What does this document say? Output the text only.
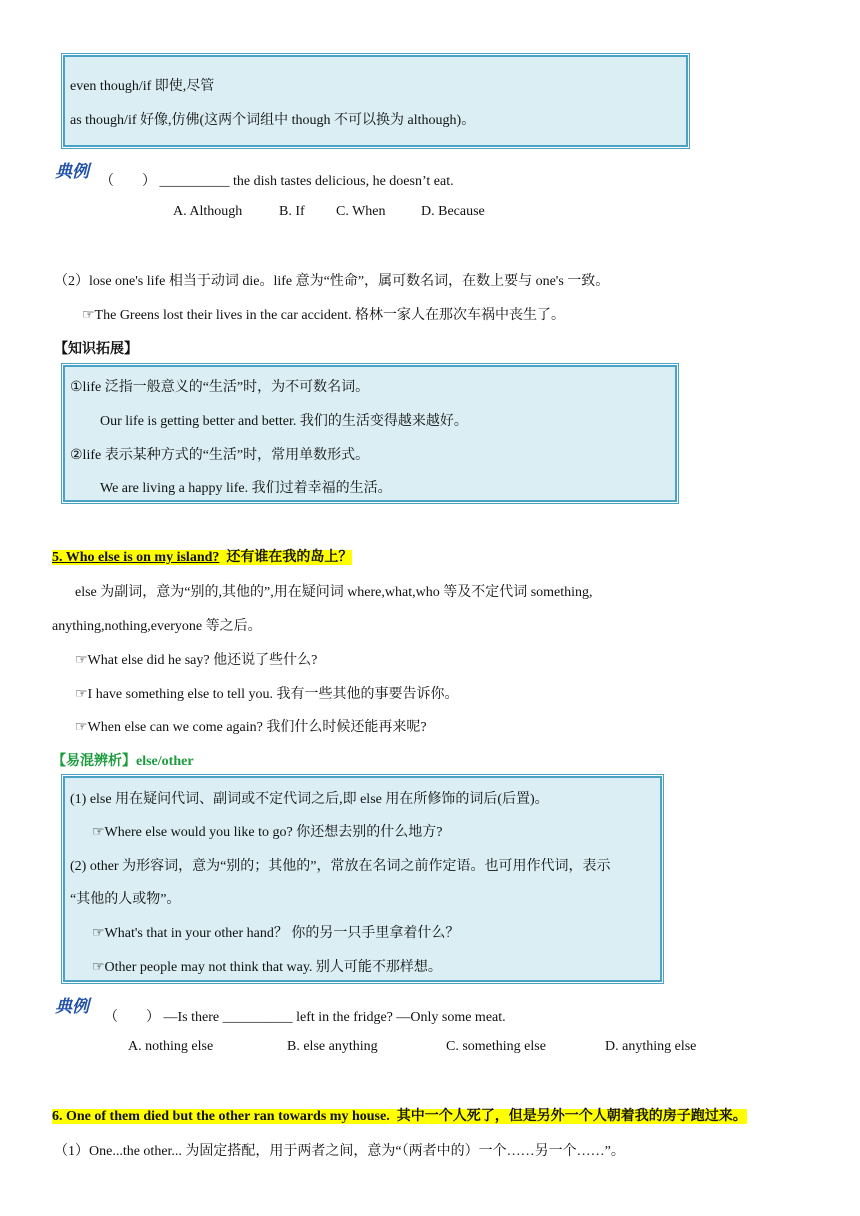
even though/if 即使,尽管
as though/if 好像,仿佛(这两个词组中 though 不可以换为 although)。
典例 （　　） __________ the dish tastes delicious, he doesn’t eat.
A. Although	B. If C. When	D. Because
（2）lose one's life 相当于动词 die。life 意为“性命”，属可数名词，在数上要与 one's 一致。
☞The Greens lost their lives in the car accident. 格林一家人在那次车祸中丧生了。
【知识拓展】
①life 泛指一般意义的“生活”时，为不可数名词。
Our life is getting better and better. 我们的生活变得越来越好。
②life 表示某种方式的“生活”时，常用单数形式。
We are living a happy life. 我们过着幸福的生活。
5. Who else is on my island? 还有谁在我的岛上？
else 为副词，意为“别的,其他的”,用在疑问词 where,what,who 等及不定代词 something,
anything,nothing,everyone 等之后。
☞What else did he say? 他还说了些什么?
☞I have something else to tell you. 我有一些其他的事要告诉你。
☞When else can we come again? 我们什么时候还能再来呢?
【易混辨析】else/other
(1) else 用在疑问代词、副词或不定代词之后,即 else 用在所修饰的词后(后置)。
☞Where else would you like to go? 你还想去别的什么地方?
(2) other 为形容词，意为“别的；其他的”，常放在名词之前作定语。也可用作代词，表示
“其他的人或物”。
☞What's that in your other hand？ 你的另一只手里拿着什么？
☞Other people may not think that way. 别人可能不那样想。
典例
（　　） —Is there __________ left in the fridge? —Only some meat.
A. nothing else	B. else anything	C. something else	D. anything else
6. One of them died but the other ran towards my house. 其中一个人死了，但是另外一个人朝着我的房子跑过来。
（1）One...the other... 为固定搭配，用于两者之间，意为“（两者中的）一个……另一个……”。
